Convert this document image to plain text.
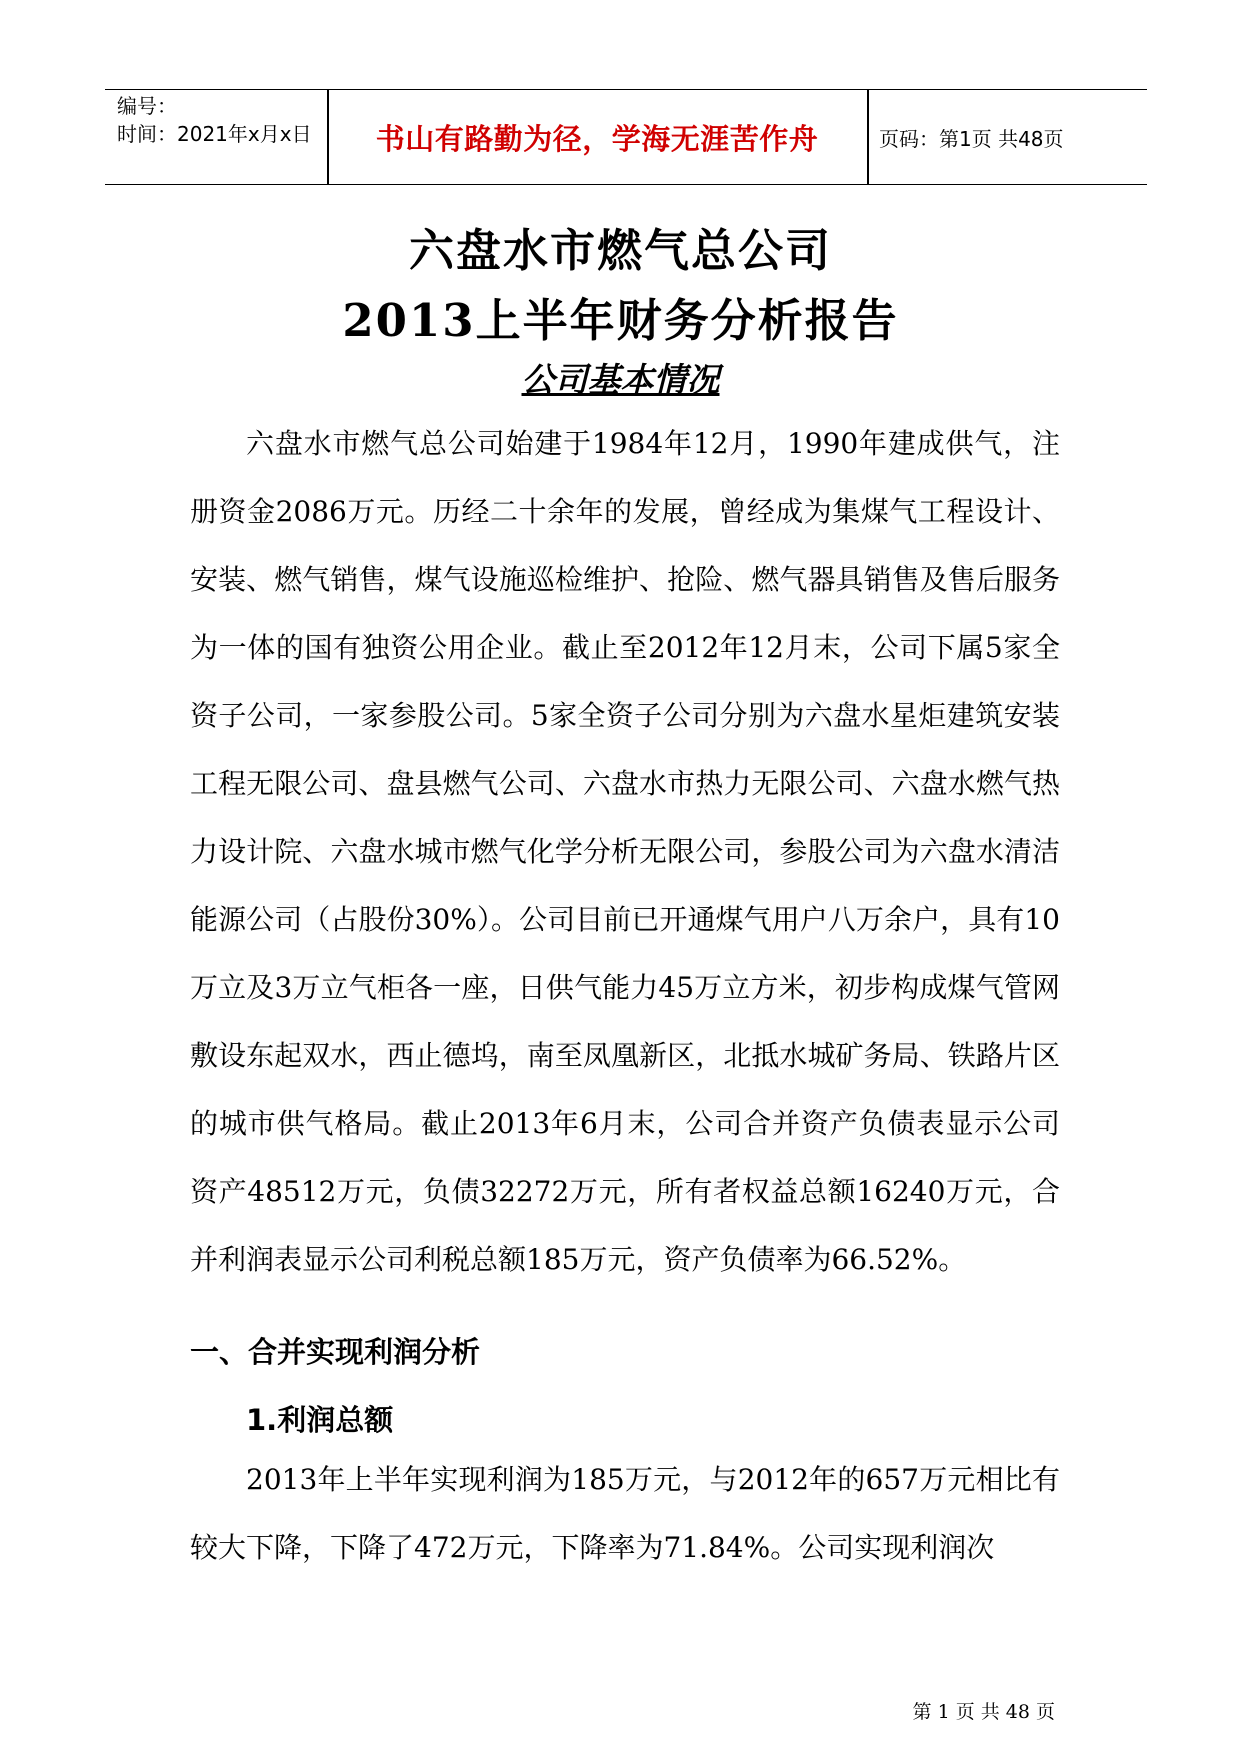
编号：
时间：2021年x月x日	书山有路勤为径，学海无涯苦作舟	页码：第1页 共48页
六盘水市燃气总公司
2013上半年财务分析报告
公司基本情况

六盘水市燃气总公司始建于1984年12月，1990年建成供气，注册资金2086万元。历经二十余年的发展，曾经成为集煤气工程设计、安装、燃气销售，煤气设施巡检维护、抢险、燃气器具销售及售后服务为一体的国有独资公用企业。截止至2012年12月末，公司下属5家全资子公司，一家参股公司。5家全资子公司分别为六盘水星炬建筑安装工程无限公司、盘县燃气公司、六盘水市热力无限公司、六盘水燃气热力设计院、六盘水城市燃气化学分析无限公司，参股公司为六盘水清洁能源公司（占股份30%）。公司目前已开通煤气用户八万余户，具有10万立及3万立气柜各一座，日供气能力45万立方米，初步构成煤气管网敷设东起双水，西止德坞，南至凤凰新区，北抵水城矿务局、铁路片区的城市供气格局。截止2013年6月末，公司合并资产负债表显示公司资产48512万元，负债32272万元，所有者权益总额16240万元，合并利润表显示公司利税总额185万元，资产负债率为66.52%。

一、合并实现利润分析
1.利润总额

2013年上半年实现利润为185万元，与2012年的657万元相比有较大下降，下降了472万元，下降率为71.84%。公司实现利润次

第 1 页 共 48 页
